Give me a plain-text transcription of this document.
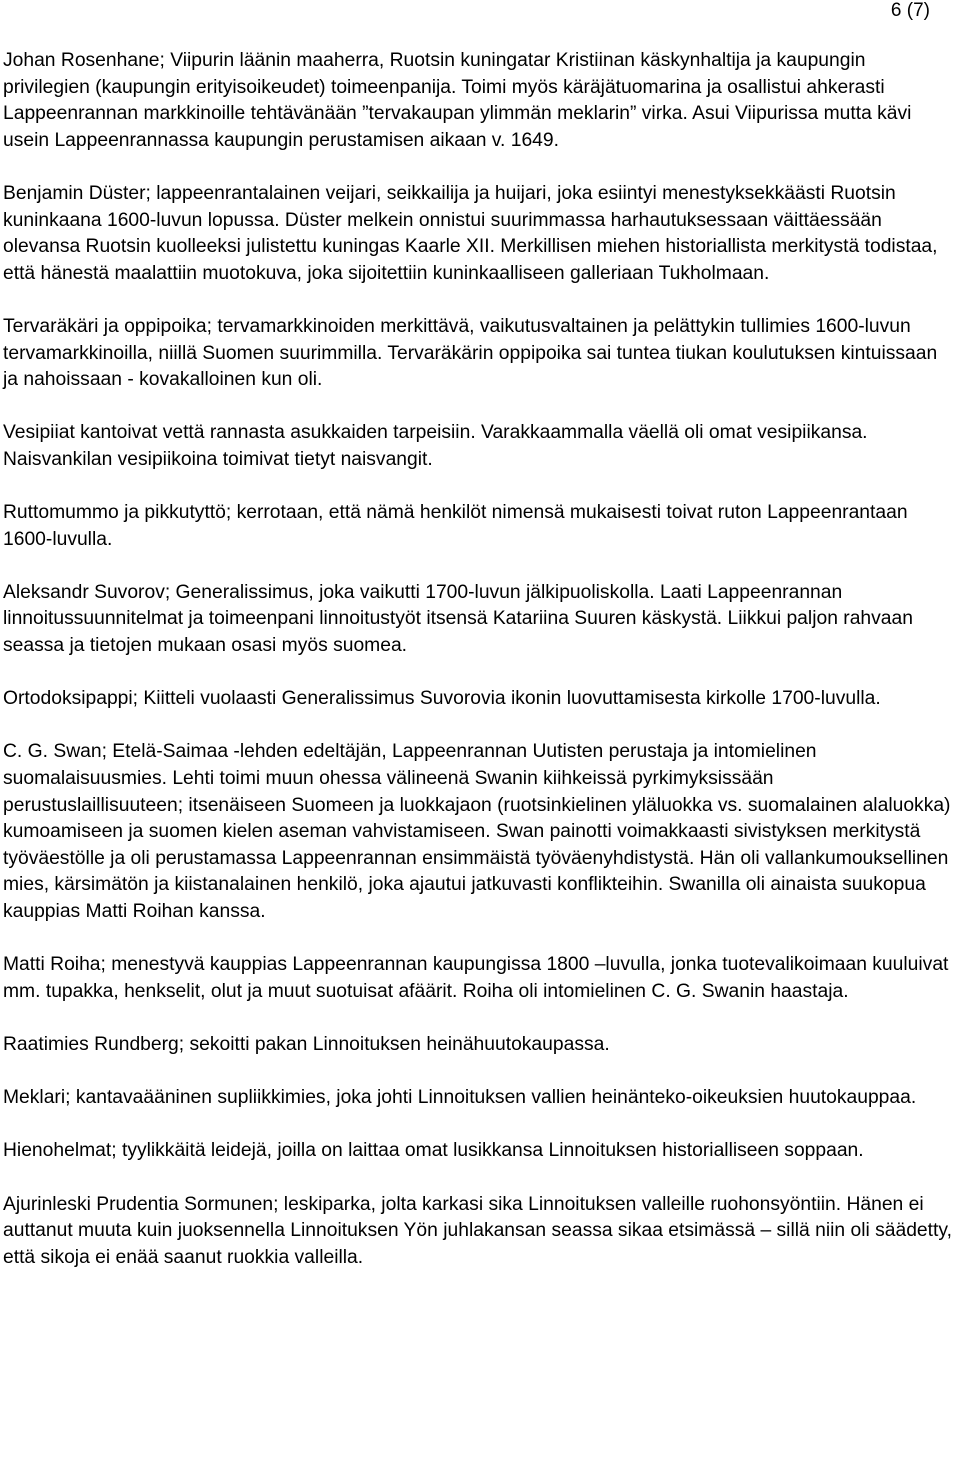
6 (7)

Johan Rosenhane; Viipurin läänin maaherra, Ruotsin kuningatar Kristiinan käskynhaltija ja kaupungin privilegien (kaupungin erityisoikeudet) toimeenpanija. Toimi myös käräjätuomarina ja osallistui ahkerasti Lappeenrannan markkinoille tehtävänään ”tervakaupan ylimmän meklarin” virka. Asui Viipurissa mutta kävi usein Lappeenrannassa kaupungin perustamisen aikaan v. 1649.

Benjamin Düster; lappeenrantalainen veijari, seikkailija ja huijari, joka esiintyi menestyksekkäästi Ruotsin kuninkaana 1600-luvun lopussa. Düster melkein onnistui suurimmassa harhautuksessaan väittäessään olevansa Ruotsin kuolleeksi julistettu kuningas Kaarle XII. Merkillisen miehen historiallista merkitystä todistaa, että hänestä maalattiin muotokuva, joka sijoitettiin kuninkaalliseen galleriaan Tukholmaan.

Tervaräkäri ja oppipoika; tervamarkkinoiden merkittävä, vaikutusvaltainen ja pelättykin tullimies 1600-luvun tervamarkkinoilla, niillä Suomen suurimmilla. Tervaräkärin oppipoika sai tuntea tiukan koulutuksen kintuissaan ja nahoissaan - kovakalloinen kun oli.

Vesipiiat kantoivat vettä rannasta asukkaiden tarpeisiin. Varakkaammalla väellä oli omat vesipiikansa. Naisvankilan vesipiikoina toimivat tietyt naisvangit.

Ruttomummo ja pikkutyttö; kerrotaan, että nämä henkilöt nimensä mukaisesti toivat ruton Lappeenrantaan 1600-luvulla.

Aleksandr Suvorov; Generalissimus, joka vaikutti 1700-luvun jälkipuoliskolla. Laati Lappeenrannan linnoitussuunnitelmat ja toimeenpani linnoitustyöt itsensä Katariina Suuren käskystä. Liikkui paljon rahvaan seassa ja tietojen mukaan osasi myös suomea.

Ortodoksipappi; Kiitteli vuolaasti Generalissimus Suvorovia ikonin luovuttamisesta kirkolle 1700-luvulla.

C. G. Swan; Etelä-Saimaa -lehden edeltäjän, Lappeenrannan Uutisten perustaja ja intomielinen suomalaisuusmies. Lehti toimi muun ohessa välineenä Swanin kiihkeissä pyrkimyksissään perustuslaillisuuteen; itsenäiseen Suomeen ja luokkajaon (ruotsinkielinen yläluokka vs. suomalainen alaluokka) kumoamiseen ja suomen kielen aseman vahvistamiseen. Swan painotti voimakkaasti sivistyksen merkitystä työväestölle ja oli perustamassa Lappeenrannan ensimmäistä työväenyhdistystä. Hän oli vallankumouksellinen mies, kärsimätön ja kiistanalainen henkilö, joka ajautui jatkuvasti konflikteihin. Swanilla oli ainaista suukopua kauppias Matti Roihan kanssa.

Matti Roiha; menestyvä kauppias Lappeenrannan kaupungissa 1800 –luvulla, jonka tuotevalikoimaan kuuluivat mm. tupakka, henkselit, olut ja muut suotuisat afäärit. Roiha oli intomielinen C. G. Swanin haastaja.

Raatimies Rundberg; sekoitti pakan Linnoituksen heinähuutokaupassa.

Meklari; kantavaääninen supliikkimies, joka johti Linnoituksen vallien heinänteko-oikeuksien huutokauppaa.

Hienohelmat; tyylikkäitä leidejä, joilla on laittaa omat lusikkansa Linnoituksen historialliseen soppaan.

Ajurinleski Prudentia Sormunen; leskiparka, jolta karkasi sika Linnoituksen valleille ruohonsyöntiin. Hänen ei auttanut muuta kuin juoksennella Linnoituksen Yön juhlakansan seassa sikaa etsimässä – sillä niin oli säädetty, että sikoja ei enää saanut ruokkia valleilla.
